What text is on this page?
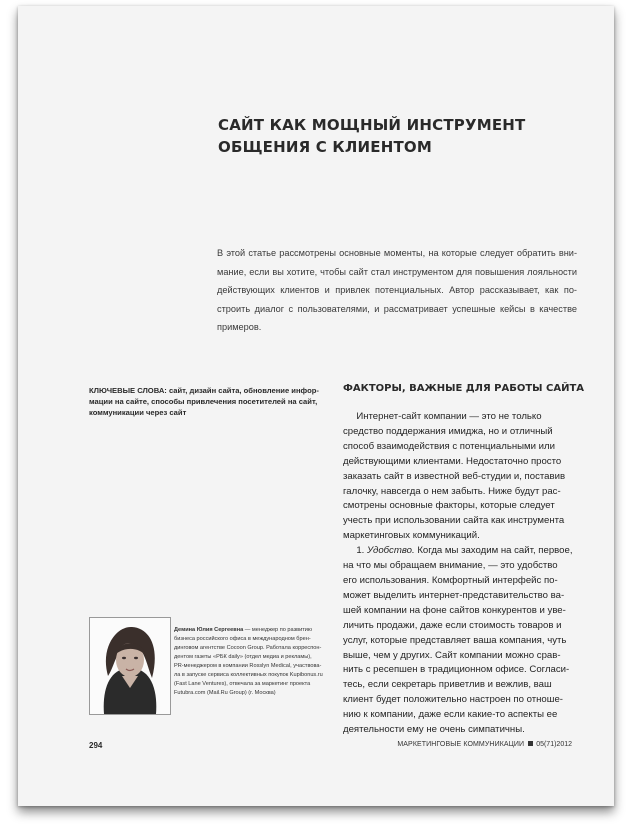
САЙТ КАК МОЩНЫЙ ИНСТРУМЕНТ
ОБЩЕНИЯ С КЛИЕНТОМ
В этой статье рассмотрены основные моменты, на которые следует обратить вни-
мание, если вы хотите, чтобы сайт стал инструментом для повышения лояльности
действующих клиентов и привлек потенциальных. Автор рассказывает, как по-
строить диалог с пользователями, и рассматривает успешные кейсы в качестве
примеров.
КЛЮЧЕВЫЕ СЛОВА: сайт, дизайн сайта, обновление инфор-
мации на сайте, способы привлечения посетителей на сайт,
коммуникации через сайт
ФАКТОРЫ, ВАЖНЫЕ ДЛЯ РАБОТЫ САЙТА
Интернет-сайт компании — это не только
средство поддержания имиджа, но и отличный
способ взаимодействия с потенциальными или
действующими клиентами. Недостаточно просто
заказать сайт в известной веб-студии и, поставив
галочку, навсегда о нем забыть. Ниже будут рас-
смотрены основные факторы, которые следует
учесть при использовании сайта как инструмента
маркетинговых коммуникаций.
1. Удобство. Когда мы заходим на сайт, первое,
на что мы обращаем внимание, — это удобство
его использования. Комфортный интерфейс по-
может выделить интернет-представительство ва-
шей компании на фоне сайтов конкурентов и уве-
личить продажи, даже если стоимость товаров и
услуг, которые представляет ваша компания, чуть
выше, чем у других. Сайт компании можно срав-
нить с ресепшен в традиционном офисе. Согласи-
тесь, если секретарь приветлив и вежлив, ваш
клиент будет положительно настроен по отноше-
нию к компании, даже если какие-то аспекты ее
деятельности ему не очень симпатичны.
Демина Юлия Сергеевна — менеджер по развитию
бизнеса российского офиса в международном брен-
динговом агентстве Cocoon Group. Работала корреспон-
дентом газеты «РБК daily» (отдел медиа и рекламы),
PR-менеджером в компании Rosslyn Medical, участвова-
ла в запуске сервиса коллективных покупок Kupibonus.ru
(Fast Lane Ventures), отвечала за маркетинг проекта
Futubra.com (Mail.Ru Group) (г. Москва)
294	МАРКЕТИНГОВЫЕ КОММУНИКАЦИИ 05(71)2012
